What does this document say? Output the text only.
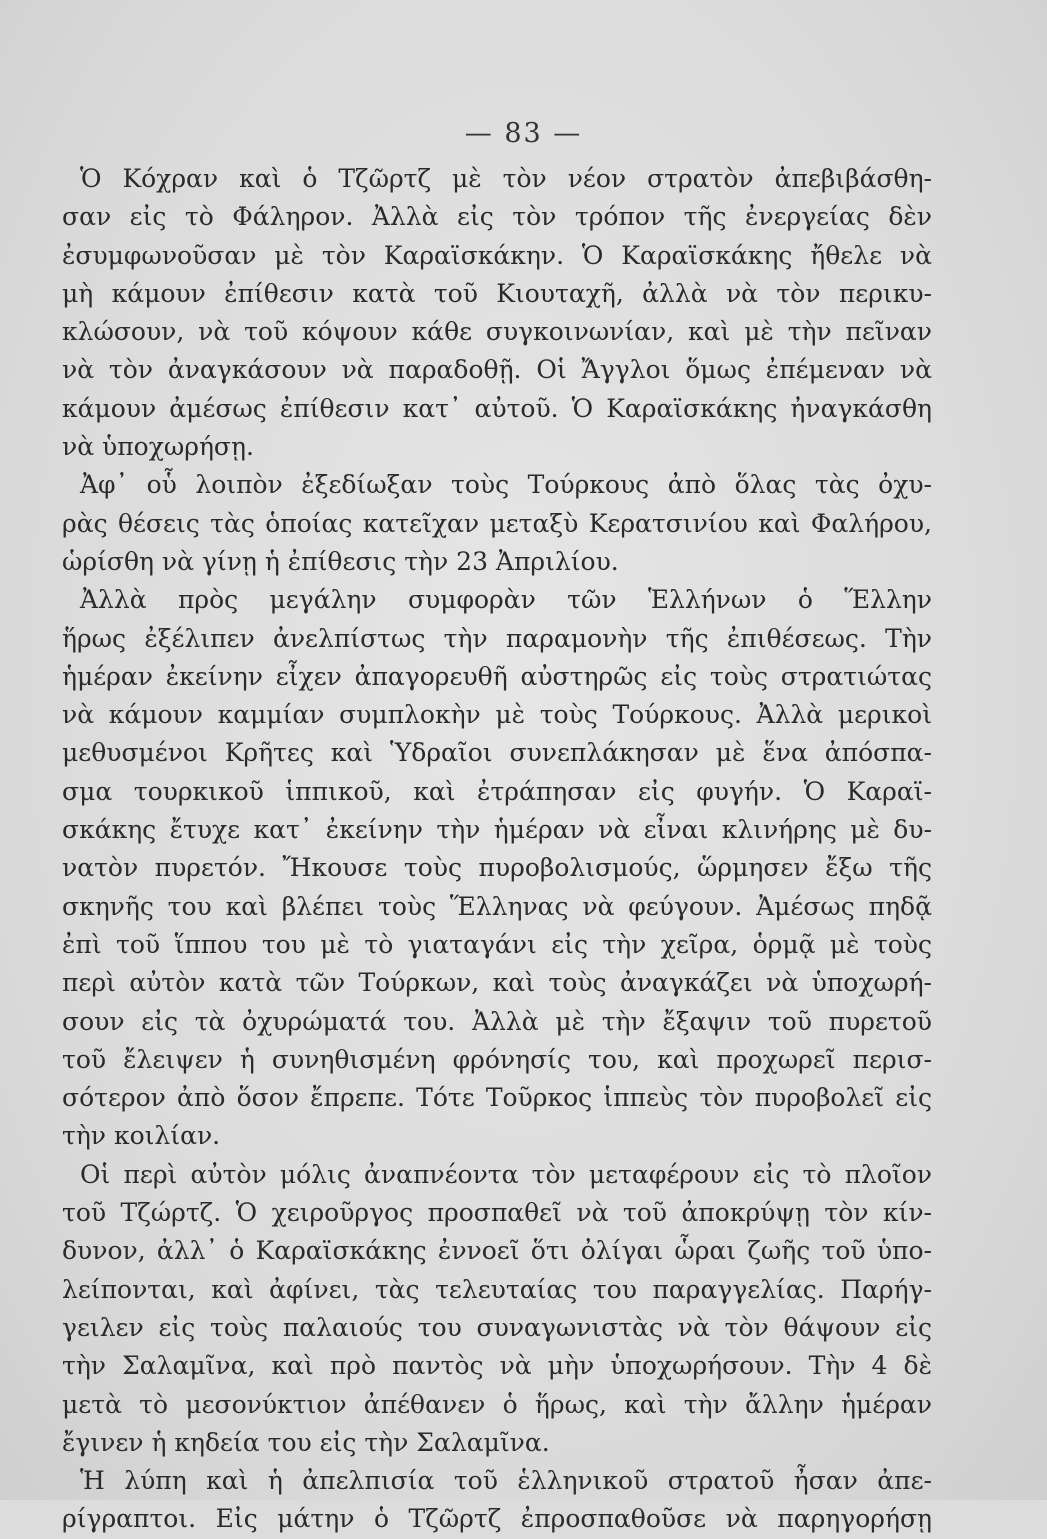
— 83 —
Ὁ Κόχραν καὶ ὁ Τζῶρτζ μὲ τὸν νέον στρατὸν ἀπεβιβάσθη-
σαν εἰς τὸ Φάληρον. Ἀλλὰ εἰς τὸν τρόπον τῆς ἐνεργείας δὲν
ἐσυμφωνοῦσαν μὲ τὸν Καραϊσκάκην. Ὁ Καραϊσκάκης ἤθελε νὰ
μὴ κάμουν ἐπίθεσιν κατὰ τοῦ Κιουταχῆ, ἀλλὰ νὰ τὸν περικυ-
κλώσουν, νὰ τοῦ κόψουν κάθε συγκοινωνίαν, καὶ μὲ τὴν πεῖναν
νὰ τὸν ἀναγκάσουν νὰ παραδοθῇ. Οἱ Ἄγγλοι ὅμως ἐπέμεναν νὰ
κάμουν ἀμέσως ἐπίθεσιν κατ᾿ αὐτοῦ. Ὁ Καραϊσκάκης ἠναγκάσθη
νὰ ὑποχωρήσῃ.
Ἀφ᾿ οὗ λοιπὸν ἐξεδίωξαν τοὺς Τούρκους ἀπὸ ὅλας τὰς ὀχυ-
ρὰς θέσεις τὰς ὁποίας κατεῖχαν μεταξὺ Κερατσινίου καὶ Φαλήρου,
ὡρίσθη νὰ γίνῃ ἡ ἐπίθεσις τὴν 23 Ἀπριλίου.
Ἀλλὰ πρὸς μεγάλην συμφορὰν τῶν Ἑλλήνων ὁ Ἕλλην
ἥρως ἐξέλιπεν ἀνελπίστως τὴν παραμονὴν τῆς ἐπιθέσεως. Τὴν
ἡμέραν ἐκείνην εἶχεν ἀπαγορευθῆ αὐστηρῶς εἰς τοὺς στρατιώτας
νὰ κάμουν καμμίαν συμπλοκὴν μὲ τοὺς Τούρκους. Ἀλλὰ μερικοὶ
μεθυσμένοι Κρῆτες καὶ Ὑδραῖοι συνεπλάκησαν μὲ ἕνα ἀπόσπα-
σμα τουρκικοῦ ἱππικοῦ, καὶ ἐτράπησαν εἰς φυγήν. Ὁ Καραϊ-
σκάκης ἔτυχε κατ᾿ ἐκείνην τὴν ἡμέραν νὰ εἶναι κλινήρης μὲ δυ-
νατὸν πυρετόν. Ἤκουσε τοὺς πυροβολισμούς, ὥρμησεν ἔξω τῆς
σκηνῆς του καὶ βλέπει τοὺς Ἕλληνας νὰ φεύγουν. Ἀμέσως πηδᾷ
ἐπὶ τοῦ ἵππου του μὲ τὸ γιαταγάνι εἰς τὴν χεῖρα, ὁρμᾷ μὲ τοὺς
περὶ αὐτὸν κατὰ τῶν Τούρκων, καὶ τοὺς ἀναγκάζει νὰ ὑποχωρή-
σουν εἰς τὰ ὀχυρώματά του. Ἀλλὰ μὲ τὴν ἔξαψιν τοῦ πυρετοῦ
τοῦ ἔλειψεν ἡ συνηθισμένη φρόνησίς του, καὶ προχωρεῖ περισ-
σότερον ἀπὸ ὅσον ἔπρεπε. Τότε Τοῦρκος ἱππεὺς τὸν πυροβολεῖ εἰς
τὴν κοιλίαν.
Οἱ περὶ αὐτὸν μόλις ἀναπνέοντα τὸν μεταφέρουν εἰς τὸ πλοῖον
τοῦ Τζώρτζ. Ὁ χειροῦργος προσπαθεῖ νὰ τοῦ ἀποκρύψῃ τὸν κίν-
δυνον, ἀλλ᾿ ὁ Καραϊσκάκης ἐννοεῖ ὅτι ὀλίγαι ὧραι ζωῆς τοῦ ὑπο-
λείπονται, καὶ ἀφίνει, τὰς τελευταίας του παραγγελίας. Παρήγ-
γειλεν εἰς τοὺς παλαιούς του συναγωνιστὰς νὰ τὸν θάψουν εἰς
τὴν Σαλαμῖνα, καὶ πρὸ παντὸς νὰ μὴν ὑποχωρήσουν. Τὴν 4 δὲ
μετὰ τὸ μεσονύκτιον ἀπέθανεν ὁ ἥρως, καὶ τὴν ἄλλην ἡμέραν
ἔγινεν ἡ κηδεία του εἰς τὴν Σαλαμῖνα.
Ἡ λύπη καὶ ἡ ἀπελπισία τοῦ ἑλληνικοῦ στρατοῦ ἦσαν ἀπε-
ρίγραπτοι. Εἰς μάτην ὁ Τζῶρτζ ἐπροσπαθοῦσε νὰ παρηγορήσῃ
